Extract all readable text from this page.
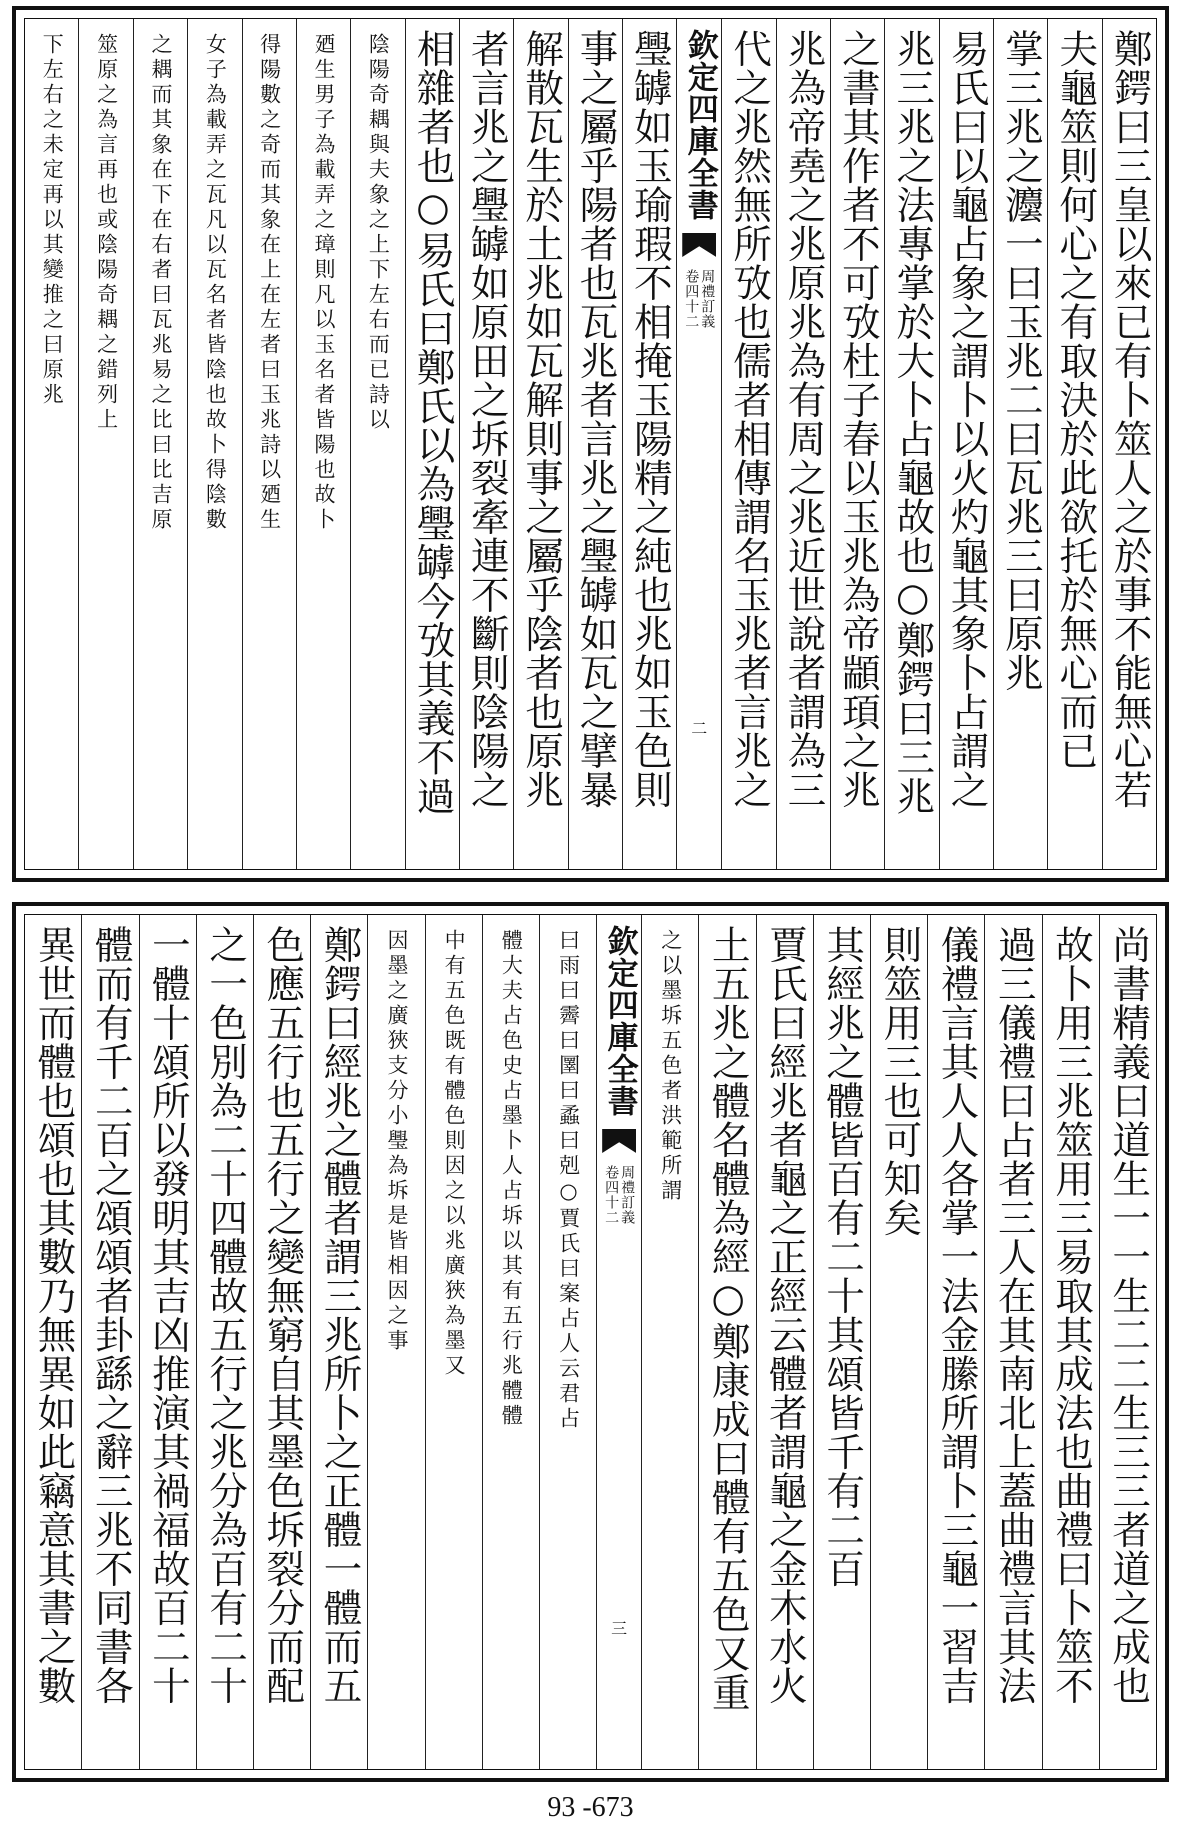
鄭鍔曰三皇以來已有卜筮人之於事不能無心若
夫龜筮則何心之有取決於此欲托於無心而已
掌三兆之灋一曰玉兆二曰瓦兆三曰原兆
易氏曰以龜占象之謂卜以火灼龜其象卜占謂之
兆三兆之法專掌於大卜占龜故也○鄭鍔曰三兆
之書其作者不可攷杜子春以玉兆為帝顓頊之兆
兆為帝堯之兆原兆為有周之兆近世說者謂為三
代之兆然無所攷也儒者相傳謂名玉兆者言兆之
欽定四庫全書
周禮訂義
卷四十二
二
璺罅如玉瑜瑕不相掩玉陽精之純也兆如玉色則
事之屬乎陽者也瓦兆者言兆之璺罅如瓦之擘暴
解散瓦生於土兆如瓦解則事之屬乎陰者也原兆
者言兆之璺罅如原田之坼裂牽連不斷則陰陽之
相雜者也○易氏曰鄭氏以為璺罅今攷其義不過
陰陽奇耦與夫象之上下左右而已詩以
廼生男子為載弄之璋則凡以玉名者皆陽也故卜
得陽數之奇而其象在上在左者曰玉兆詩以廼生
女子為載弄之瓦凡以瓦名者皆陰也故卜得陰數
之耦而其象在下在右者曰瓦兆易之比曰比吉原
筮原之為言再也或陰陽奇耦之錯列上
下左右之未定再以其變推之曰原兆
尚書精義曰道生一一生二二生三三者道之成也
故卜用三兆筮用三易取其成法也曲禮曰卜筮不
過三儀禮曰占者三人在其南北上蓋曲禮言其法
儀禮言其人人各掌一法金縢所謂卜三龜一習吉
則筮用三也可知矣
其經兆之體皆百有二十其頌皆千有二百
賈氏曰經兆者龜之正經云體者謂龜之金木水火
土五兆之體名體為經○鄭康成曰體有五色又重
之以墨坼五色者洪範所謂
欽定四庫全書
周禮訂義
卷四十二
三
曰雨曰霽曰圛曰蟊曰剋○賈氏曰案占人云君占
體大夫占色史占墨卜人占坼以其有五行兆體體
中有五色既有體色則因之以兆廣狹為墨又
因墨之廣狹支分小璺為坼是皆相因之事
鄭鍔曰經兆之體者謂三兆所卜之正體一體而五
色應五行也五行之變無窮自其墨色坼裂分而配
之一色別為二十四體故五行之兆分為百有二十
一體十頌所以發明其吉凶推演其禍福故百二十
體而有千二百之頌頌者卦繇之辭三兆不同書各
異世而體也頌也其數乃無異如此竊意其書之數
93 -673
